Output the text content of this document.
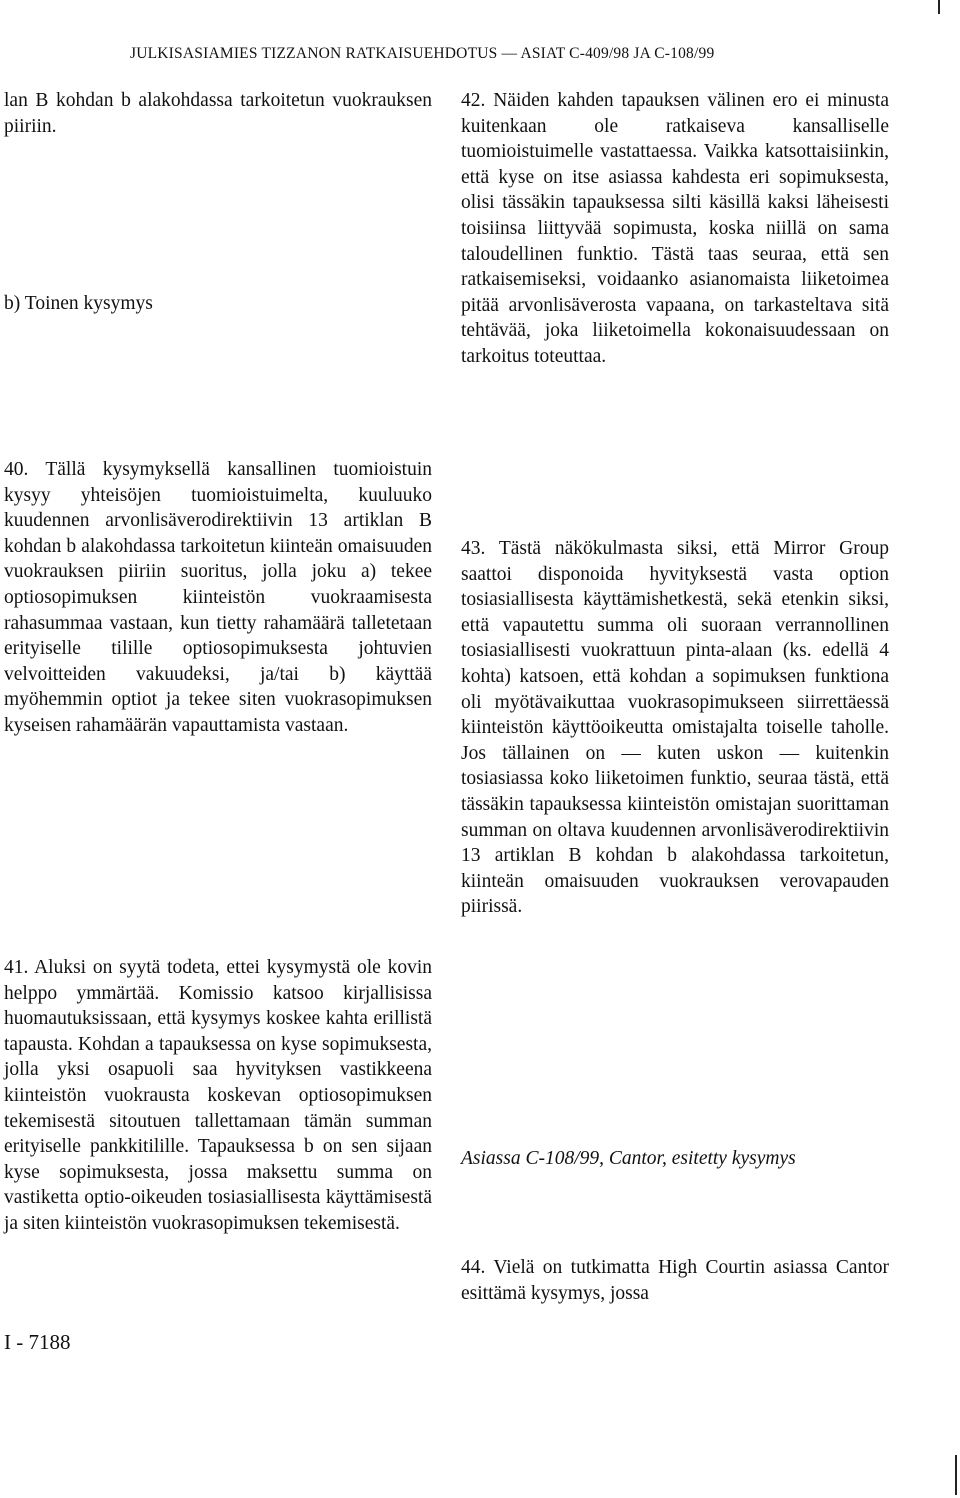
JULKISASIAMIES TIZZANON RATKAISUEHDOTUS — ASIAT C-409/98 JA C-108/99

lan B kohdan b alakohdassa tarkoitetun vuokrauksen piiriin.

b) Toinen kysymys

40. Tällä kysymyksellä kansallinen tuomioistuin kysyy yhteisöjen tuomioistuimelta, kuuluuko kuudennen arvonlisäverodirektiivin 13 artiklan B kohdan b alakohdassa tarkoitetun kiinteän omaisuuden vuokrauksen piiriin suoritus, jolla joku a) tekee optiosopimuksen kiinteistön vuokraamisesta rahasummaa vastaan, kun tietty rahamäärä talletetaan erityiselle tilille optiosopimuksesta johtuvien velvoitteiden vakuudeksi, ja/tai b) käyttää myöhemmin optiot ja tekee siten vuokrasopimuksen kyseisen rahamäärän vapauttamista vastaan.

41. Aluksi on syytä todeta, ettei kysymystä ole kovin helppo ymmärtää. Komissio katsoo kirjallisissa huomautuksissaan, että kysymys koskee kahta erillistä tapausta. Kohdan a tapauksessa on kyse sopimuksesta, jolla yksi osapuoli saa hyvityksen vastikkeena kiinteistön vuokrausta koskevan optiosopimuksen tekemisestä sitoutuen tallettamaan tämän summan erityiselle pankkitilille. Tapauksessa b on sen sijaan kyse sopimuksesta, jossa maksettu summa on vastiketta optio-oikeuden tosiasiallisesta käyttämisestä ja siten kiinteistön vuokrasopimuksen tekemisestä.

42. Näiden kahden tapauksen välinen ero ei minusta kuitenkaan ole ratkaiseva kansalliselle tuomioistuimelle vastattaessa. Vaikka katsottaisiinkin, että kyse on itse asiassa kahdesta eri sopimuksesta, olisi tässäkin tapauksessa silti käsillä kaksi läheisesti toisiinsa liittyvää sopimusta, koska niillä on sama taloudellinen funktio. Tästä taas seuraa, että sen ratkaisemiseksi, voidaanko asianomaista liiketoimea pitää arvonlisäverosta vapaana, on tarkasteltava sitä tehtävää, joka liiketoimella kokonaisuudessaan on tarkoitus toteuttaa.

43. Tästä näkökulmasta siksi, että Mirror Group saattoi disponoida hyvityksestä vasta option tosiasiallisesta käyttämishetkestä, sekä etenkin siksi, että vapautettu summa oli suoraan verrannollinen tosiasiallisesti vuokrattuun pinta-alaan (ks. edellä 4 kohta) katsoen, että kohdan a sopimuksen funktiona oli myötävaikuttaa vuokrasopimukseen siirrettäessä kiinteistön käyttöoikeutta omistajalta toiselle taholle. Jos tällainen on — kuten uskon — kuitenkin tosiasiassa koko liiketoimen funktio, seuraa tästä, että tässäkin tapauksessa kiinteistön omistajan suorittaman summan on oltava kuudennen arvonlisäverodirektiivin 13 artiklan B kohdan b alakohdassa tarkoitetun, kiinteän omaisuuden vuokrauksen verovapauden piirissä.

Asiassa C-108/99, Cantor, esitetty kysymys

44. Vielä on tutkimatta High Courtin asiassa Cantor esittämä kysymys, jossa

I - 7188
